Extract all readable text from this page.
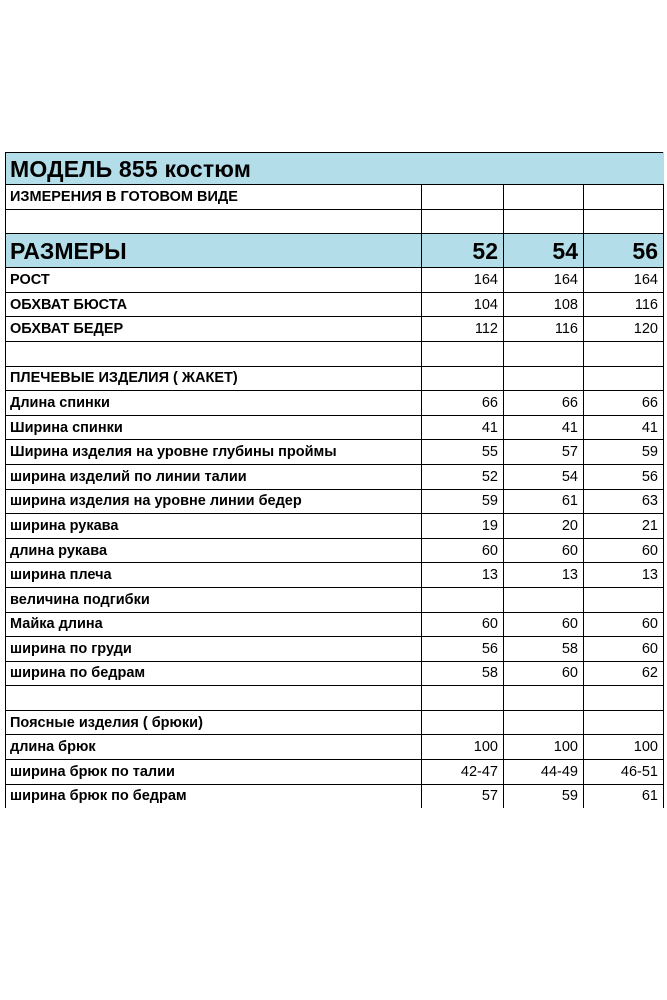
МОДЕЛЬ 855 костюм			
ИЗМЕРЕНИЯ В ГОТОВОМ ВИДЕ			

РАЗМЕРЫ	52	54	56
РОСТ	164	164	164
ОБХВАТ БЮСТА	104	108	116
ОБХВАТ БЕДЕР	112	116	120

ПЛЕЧЕВЫЕ ИЗДЕЛИЯ ( ЖАКЕТ)			
Длина спинки	66	66	66
Ширина спинки	41	41	41
Ширина изделия на уровне глубины проймы	55	57	59
ширина изделий по линии талии	52	54	56
ширина изделия на уровне линии бедер	59	61	63
ширина рукава	19	20	21
длина рукава	60	60	60
ширина плеча	13	13	13
величина подгибки			
Майка длина	60	60	60
ширина по груди	56	58	60
ширина по бедрам	58	60	62

Поясные изделия ( брюки)			
длина брюк	100	100	100
ширина брюк по талии	42-47	44-49	46-51
ширина брюк по бедрам	57	59	61
